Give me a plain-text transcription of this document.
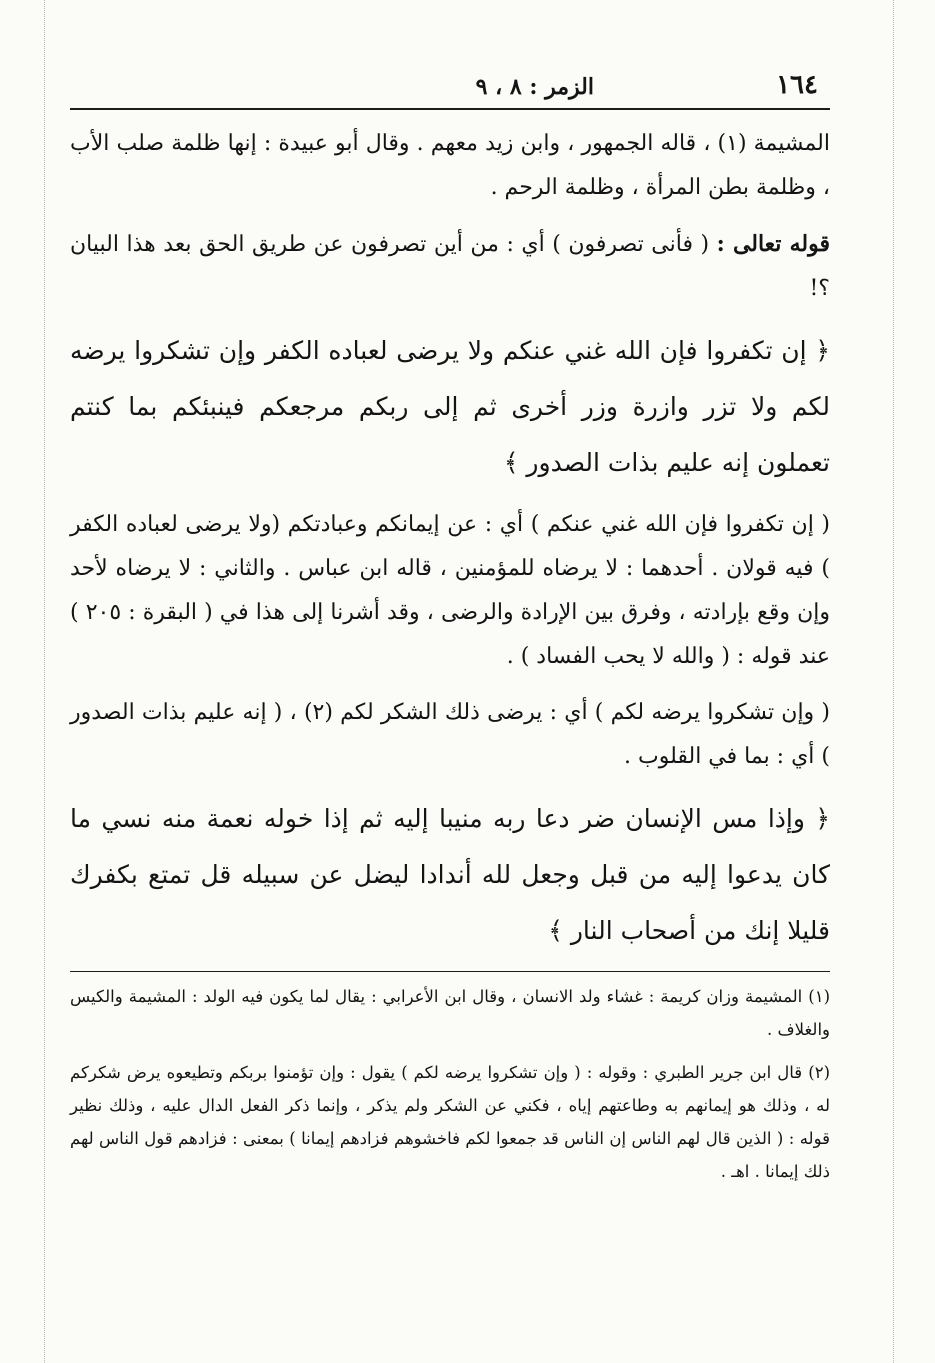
١٦٤
الزمر : ٨ ، ٩

المشيمة (١) ، قاله الجمهور ، وابن زيد معهم . وقال أبو عبيدة : إنها ظلمة صلب الأب ، وظلمة بطن المرأة ، وظلمة الرحم .

قوله تعالى : ( فأنى تصرفون ) أي : من أين تصرفون عن طريق الحق بعد هذا البيان ؟!

﴿ إن تكفروا فإن الله غني عنكم ولا يرضى لعباده الكفر وإن تشكروا يرضه لكم ولا تزر وازرة وزر أخرى ثم إلى ربكم مرجعكم فينبئكم بما كنتم تعملون إنه عليم بذات الصدور ﴾

( إن تكفروا فإن الله غني عنكم ) أي : عن إيمانكم وعبادتكم (ولا يرضى لعباده الكفر ) فيه قولان . أحدهما : لا يرضاه للمؤمنين ، قاله ابن عباس . والثاني : لا يرضاه لأحد وإن وقع بإرادته ، وفرق بين الإرادة والرضى ، وقد أشرنا إلى هذا في ( البقرة : ٢٠٥ ) عند قوله : ( والله لا يحب الفساد ) .

( وإن تشكروا يرضه لكم ) أي : يرضى ذلك الشكر لكم (٢) ، ( إنه عليم بذات الصدور ) أي : بما في القلوب .

﴿ وإذا مس الإنسان ضر دعا ربه منيبا إليه ثم إذا خوله نعمة منه نسي ما كان يدعوا إليه من قبل وجعل لله أندادا ليضل عن سبيله قل تمتع بكفرك قليلا إنك من أصحاب النار ﴾

(١) المشيمة وزان كريمة : غشاء ولد الانسان ، وقال ابن الأعرابي : يقال لما يكون فيه الولد : المشيمة والكيس والغلاف .

(٢) قال ابن جرير الطبري : وقوله : ( وإن تشكروا يرضه لكم ) يقول : وإن تؤمنوا بربكم وتطيعوه يرض شكركم له ، وذلك هو إيمانهم به وطاعتهم إياه ، فكني عن الشكر ولم يذكر ، وإنما ذكر الفعل الدال عليه ، وذلك نظير قوله : ( الذين قال لهم الناس إن الناس قد جمعوا لكم فاخشوهم فزادهم إيمانا ) بمعنى : فزادهم قول الناس لهم ذلك إيمانا . اهـ .
